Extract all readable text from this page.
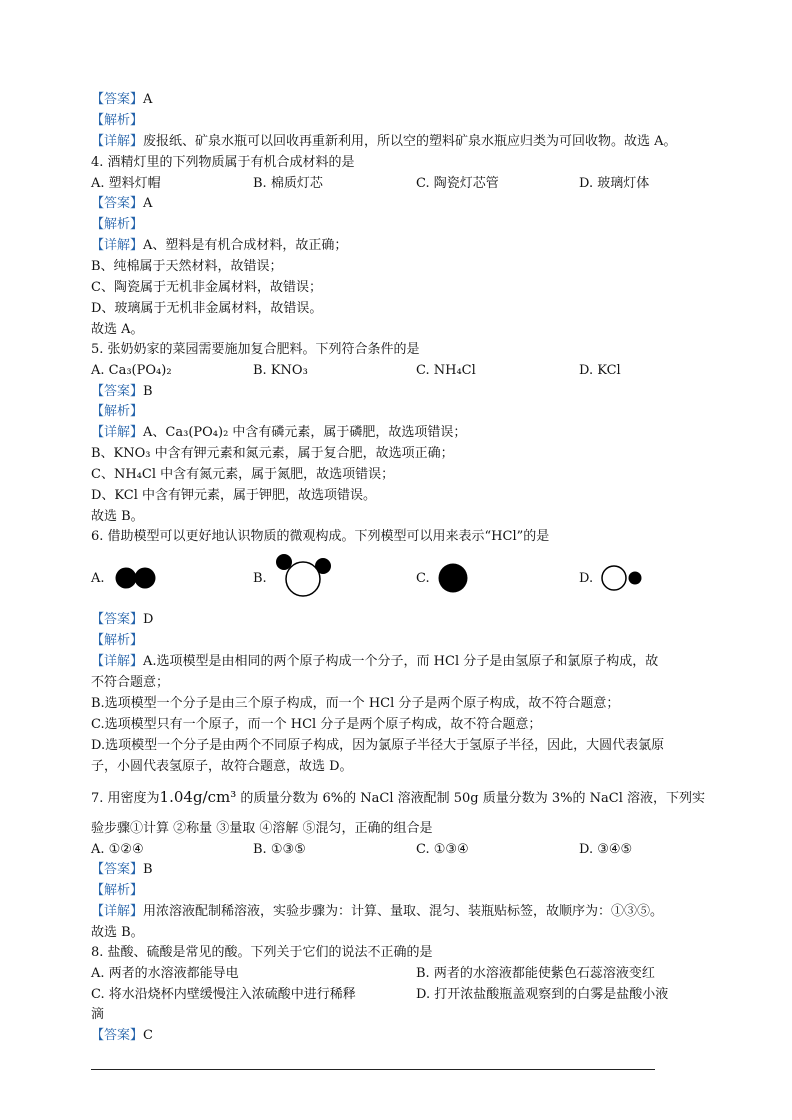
【答案】A
【解析】
【详解】废报纸、矿泉水瓶可以回收再重新利用，所以空的塑料矿泉水瓶应归类为可回收物。故选 A。
4. 酒精灯里的下列物质属于有机合成材料的是
A. 塑料灯帽	B. 棉质灯芯	C. 陶瓷灯芯管	D. 玻璃灯体
【答案】A
【解析】
【详解】A、塑料是有机合成材料，故正确；
B、纯棉属于天然材料，故错误；
C、陶瓷属于无机非金属材料，故错误；
D、玻璃属于无机非金属材料，故错误。
故选 A。
5. 张奶奶家的菜园需要施加复合肥料。下列符合条件的是
A. Ca₃(PO₄)₂	B. KNO₃	C. NH₄Cl	D. KCl
【答案】B
【解析】
【详解】A、Ca₃(PO₄)₂ 中含有磷元素，属于磷肥，故选项错误；
B、KNO₃ 中含有钾元素和氮元素，属于复合肥，故选项正确；
C、NH₄Cl 中含有氮元素，属于氮肥，故选项错误；
D、KCl 中含有钾元素，属于钾肥，故选项错误。
故选 B。
6. 借助模型可以更好地认识物质的微观构成。下列模型可以用来表示“HCl”的是
A.	B.	C.	D.
【答案】D
【解析】
【详解】A.选项模型是由相同的两个原子构成一个分子，而 HCl 分子是由氢原子和氯原子构成，故
不符合题意；
B.选项模型一个分子是由三个原子构成，而一个 HCl 分子是两个原子构成，故不符合题意；
C.选项模型只有一个原子，而一个 HCl 分子是两个原子构成，故不符合题意；
D.选项模型一个分子是由两个不同原子构成，因为氯原子半径大于氢原子半径，因此，大圆代表氯原
子，小圆代表氢原子，故符合题意，故选 D。
7. 用密度为1.04g/cm³ 的质量分数为 6%的 NaCl 溶液配制 50g 质量分数为 3%的 NaCl 溶液，下列实
验步骤①计算 ②称量 ③量取 ④溶解 ⑤混匀，正确的组合是
A. ①②④	B. ①③⑤	C. ①③④	D. ③④⑤
【答案】B
【解析】
【详解】用浓溶液配制稀溶液，实验步骤为：计算、量取、混匀、装瓶贴标签，故顺序为：①③⑤。
故选 B。
8. 盐酸、硫酸是常见的酸。下列关于它们的说法不正确的是
A. 两者的水溶液都能导电	B. 两者的水溶液都能使紫色石蕊溶液变红
C. 将水沿烧杯内壁缓慢注入浓硫酸中进行稀释	D. 打开浓盐酸瓶盖观察到的白雾是盐酸小液
滴
【答案】C
